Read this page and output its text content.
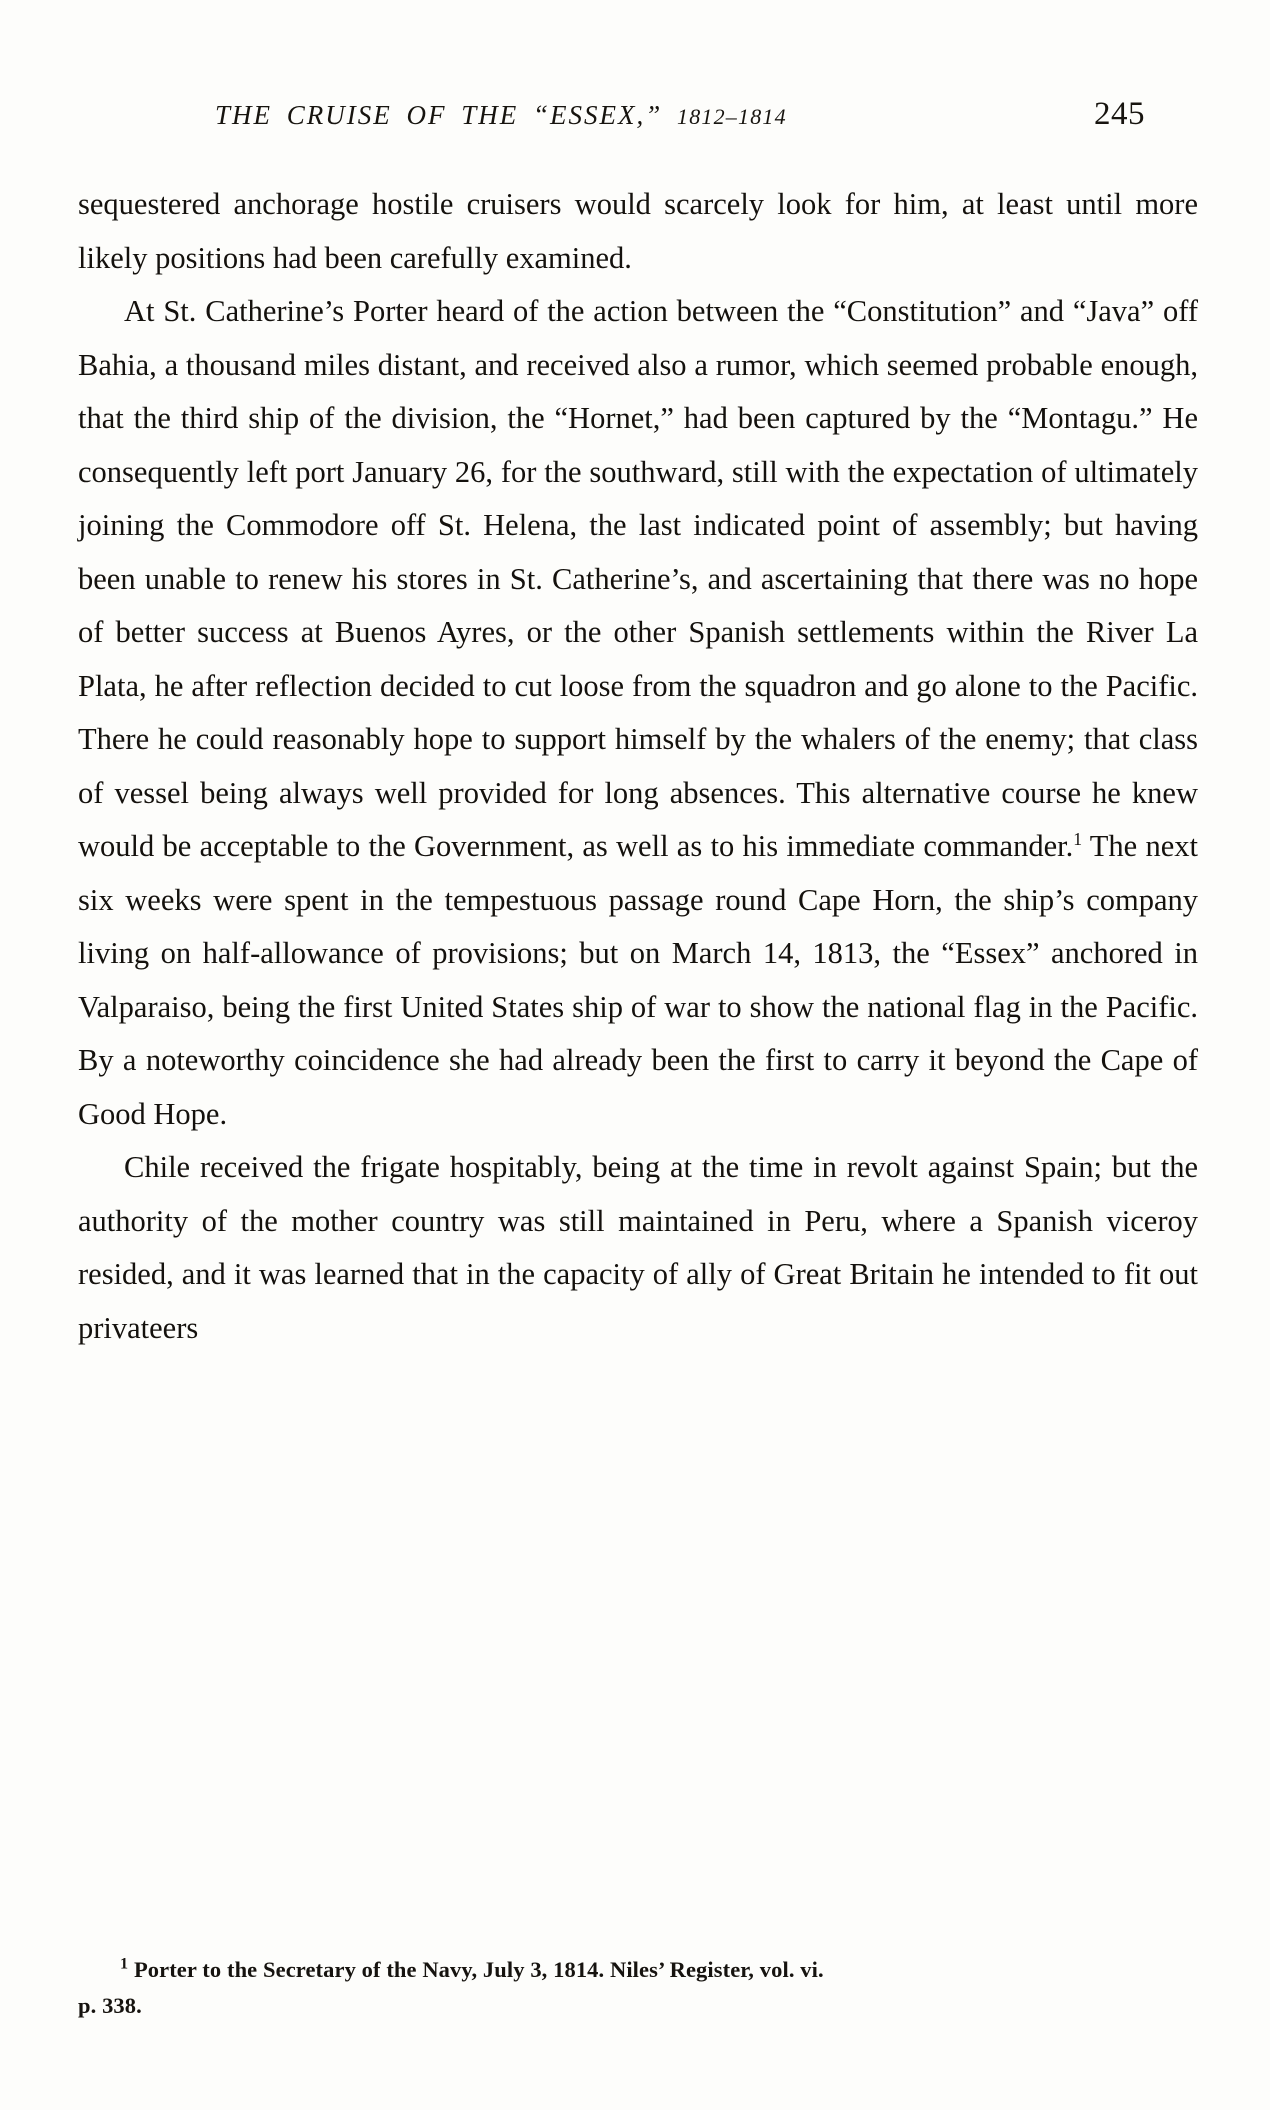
THE CRUISE OF THE “ESSEX,” 1812–1814	245

sequestered anchorage hostile cruisers would scarcely look for him, at least until more likely positions had been carefully examined.

At St. Catherine’s Porter heard of the action between the “Constitution” and “Java” off Bahia, a thousand miles distant, and received also a rumor, which seemed probable enough, that the third ship of the division, the “Hornet,” had been captured by the “Montagu.” He consequently left port January 26, for the southward, still with the expectation of ultimately joining the Commodore off St. Helena, the last indicated point of assembly; but having been unable to renew his stores in St. Catherine’s, and ascertaining that there was no hope of better success at Buenos Ayres, or the other Spanish settlements within the River La Plata, he after reflection decided to cut loose from the squadron and go alone to the Pacific. There he could reasonably hope to support himself by the whalers of the enemy; that class of vessel being always well provided for long absences. This alternative course he knew would be acceptable to the Government, as well as to his immediate commander.$^1$ The next six weeks were spent in the tempestuous passage round Cape Horn, the ship’s company living on half-allowance of provisions; but on March 14, 1813, the “Essex” anchored in Valparaiso, being the first United States ship of war to show the national flag in the Pacific. By a noteworthy coincidence she had already been the first to carry it beyond the Cape of Good Hope.

Chile received the frigate hospitably, being at the time in revolt against Spain; but the authority of the mother country was still maintained in Peru, where a Spanish viceroy resided, and it was learned that in the capacity of ally of Great Britain he intended to fit out privateers

$^1$ Porter to the Secretary of the Navy, July 3, 1814. Niles’ Register, vol. vi.
p. 338.
